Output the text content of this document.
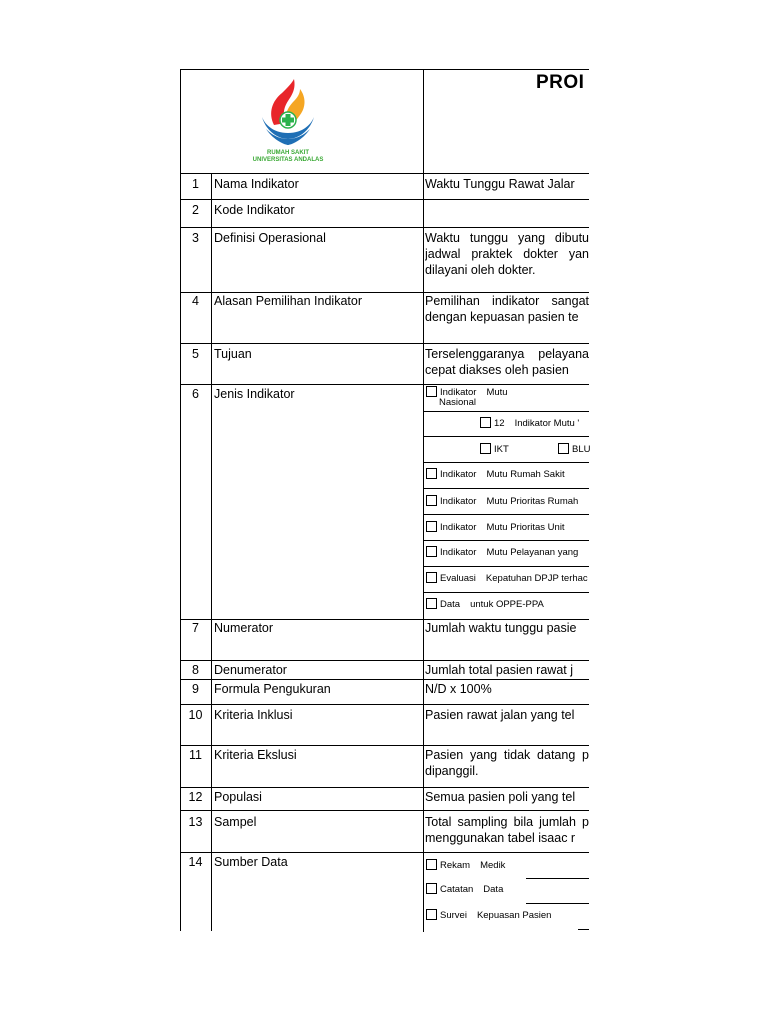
PROI
RUMAH SAKIT
UNIVERSITAS ANDALAS
1	Nama Indikator	Waktu Tunggu Rawat Jalar
2	Kode Indikator
3	Definisi Operasional	Waktu tunggu yang dibutu jadwal praktek dokter yan dilayani oleh dokter.
4	Alasan Pemilihan Indikator	Pemilihan indikator sangat dengan kepuasan pasien te
5	Tujuan	Terselenggaranya pelayana cepat diakses oleh pasien
6	Jenis Indikator	Indikator Mutu
Nasional
12 Indikator Mutu '
IKT	BLU
Indikator Mutu Rumah Sakit
Indikator Mutu Prioritas Rumah
Indikator Mutu Prioritas Unit
Indikator Mutu Pelayanan yang
Evaluasi Kepatuhan DPJP terhac
Data untuk OPPE-PPA
7	Numerator	Jumlah waktu tunggu pasie
8	Denumerator	Jumlah total pasien rawat j
9	Formula Pengukuran	N/D x 100%
10 Kriteria Inklusi	Pasien rawat jalan yang tel
11 Kriteria Ekslusi	Pasien yang tidak datang p dipanggil.
12 Populasi	Semua pasien poli yang tel
13 Sampel	Total sampling bila jumlah p menggunakan tabel isaac r
14 Sumber Data	Rekam Medik
Catatan Data
Survei Kepuasan Pasien
